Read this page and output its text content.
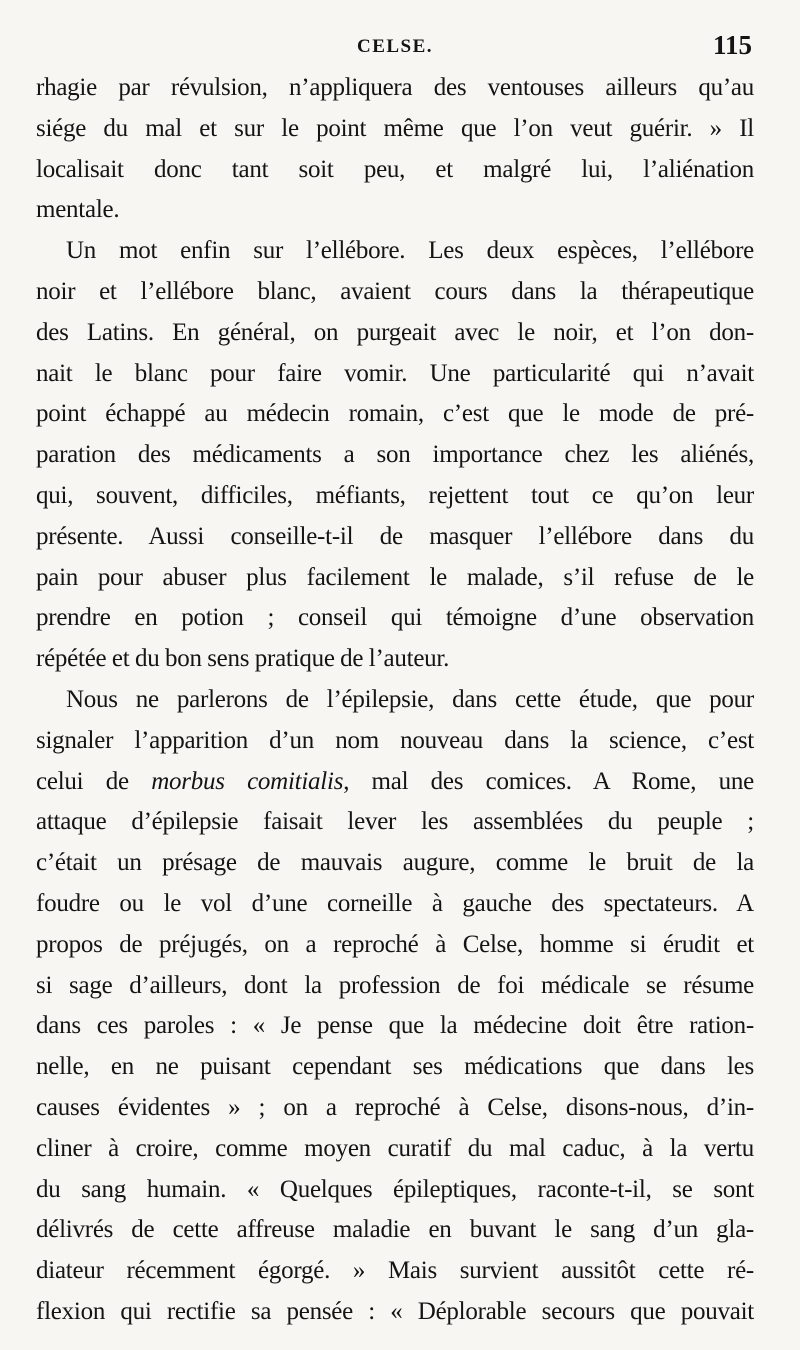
CELSE.	115
rhagie par révulsion, n’appliquera des ventouses ailleurs qu’au
siége du mal et sur le point même que l’on veut guérir. » Il
localisait donc tant soit peu, et malgré lui, l’aliénation
mentale.
Un mot enfin sur l’ellébore. Les deux espèces, l’ellébore
noir et l’ellébore blanc, avaient cours dans la thérapeutique
des Latins. En général, on purgeait avec le noir, et l’on don-
nait le blanc pour faire vomir. Une particularité qui n’avait
point échappé au médecin romain, c’est que le mode de pré-
paration des médicaments a son importance chez les aliénés,
qui, souvent, difficiles, méfiants, rejettent tout ce qu’on leur
présente. Aussi conseille-t-il de masquer l’ellébore dans du
pain pour abuser plus facilement le malade, s’il refuse de le
prendre en potion ; conseil qui témoigne d’une observation
répétée et du bon sens pratique de l’auteur.
Nous ne parlerons de l’épilepsie, dans cette étude, que pour
signaler l’apparition d’un nom nouveau dans la science, c’est
celui de morbus comitialis, mal des comices. A Rome, une
attaque d’épilepsie faisait lever les assemblées du peuple ;
c’était un présage de mauvais augure, comme le bruit de la
foudre ou le vol d’une corneille à gauche des spectateurs. A
propos de préjugés, on a reproché à Celse, homme si érudit et
si sage d’ailleurs, dont la profession de foi médicale se résume
dans ces paroles : « Je pense que la médecine doit être ration-
nelle, en ne puisant cependant ses médications que dans les
causes évidentes » ; on a reproché à Celse, disons-nous, d’in-
cliner à croire, comme moyen curatif du mal caduc, à la vertu
du sang humain. « Quelques épileptiques, raconte-t-il, se sont
délivrés de cette affreuse maladie en buvant le sang d’un gla-
diateur récemment égorgé. » Mais survient aussitôt cette ré-
flexion qui rectifie sa pensée : « Déplorable secours que pouvait
